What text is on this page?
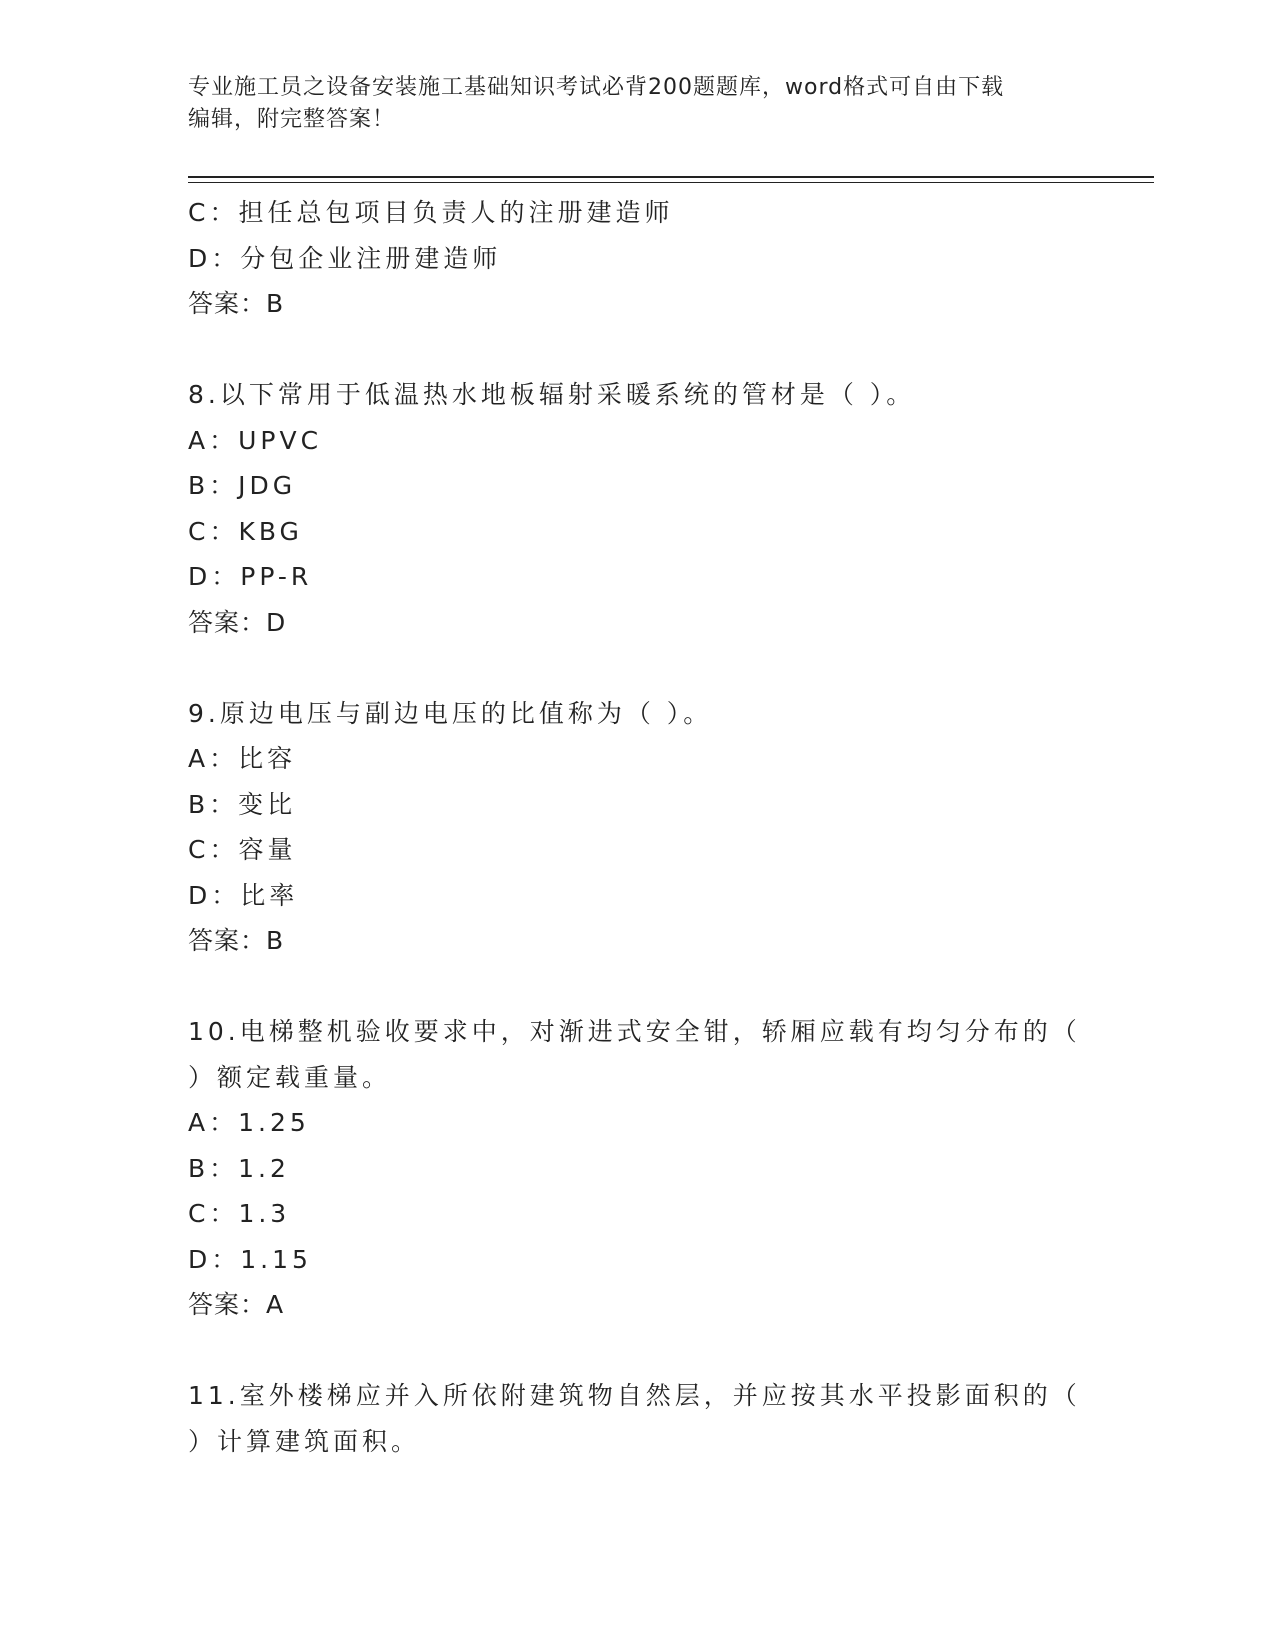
专业施工员之设备安装施工基础知识考试必背200题题库，word格式可自由下载
编辑，附完整答案！
C：担任总包项目负责人的注册建造师
D：分包企业注册建造师
答案：B
8.以下常用于低温热水地板辐射采暖系统的管材是（ ）。
A：UPVC
B：JDG
C：KBG
D：PP-R
答案：D
9.原边电压与副边电压的比值称为（ ）。
A：比容
B：变比
C：容量
D：比率
答案：B
10.电梯整机验收要求中，对渐进式安全钳，轿厢应载有均匀分布的（
）额定载重量。
A：1.25
B：1.2
C：1.3
D：1.15
答案：A
11.室外楼梯应并入所依附建筑物自然层，并应按其水平投影面积的（
）计算建筑面积。
